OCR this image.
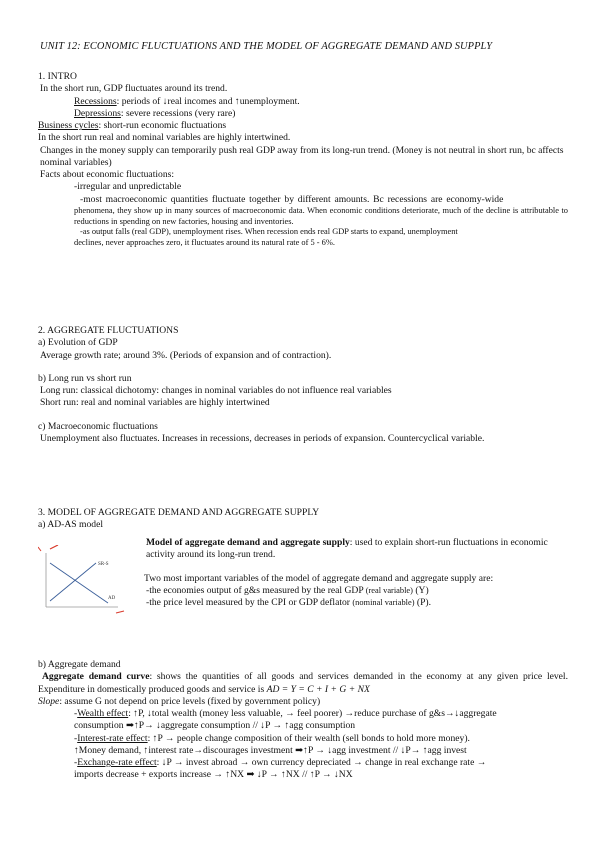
UNIT 12: ECONOMIC FLUCTUATIONS AND THE MODEL OF AGGREGATE DEMAND AND SUPPLY

1. INTRO

In the short run, GDP fluctuates around its trend.

Recessions: periods of ↓real incomes and ↑unemployment.

Depressions: severe recessions (very rare)

Business cycles: short-run economic fluctuations

In the short run real and nominal variables are highly intertwined.

Changes in the money supply can temporarily push real GDP away from its long-run trend. (Money is not neutral in short run, bc affects nominal variables)

Facts about economic fluctuations:

-irregular and unpredictable

-most macroeconomic quantities fluctuate together by different amounts. Bc recessions are economy-wide

phenomena, they show up in many sources of macroeconomic data. When economic conditions deteriorate, much of the decline is attributable to reductions in spending on new factories, housing and inventories.

-as output falls (real GDP), unemployment rises. When recession ends real GDP starts to expand, unemployment

declines, never approaches zero, it fluctuates around its natural rate of 5 - 6%.

2. AGGREGATE FLUCTUATIONS

a) Evolution of GDP

Average growth rate; around 3%. (Periods of expansion and of contraction).

b) Long run vs short run

Long run: classical dichotomy: changes in nominal variables do not influence real variables

Short run: real and nominal variables are highly intertwined

c) Macroeconomic fluctuations

Unemployment also fluctuates. Increases in recessions, decreases in periods of expansion. Countercyclical variable.

3. MODEL OF AGGREGATE DEMAND AND AGGREGATE SUPPLY

a) AD-AS model

SR-S
AD

Model of aggregate demand and aggregate supply: used to explain short-run fluctuations in economic activity around its long-run trend.

Two most important variables of the model of aggregate demand and aggregate supply are:

-the economies output of g&s measured by the real GDP (real variable) (Y)

-the price level measured by the CPI or GDP deflator (nominal variable) (P).

b) Aggregate demand

Aggregate demand curve: shows the quantities of all goods and services demanded in the economy at any given price level. Expenditure in domestically produced goods and service is AD = Y = C + I + G + NX

Slope: assume G not depend on price levels (fixed by government policy)

-Wealth effect: ↑P, ↓total wealth (money less valuable, → feel poorer) →reduce purchase of g&s→↓aggregate

consumption ➡↑P→ ↓aggregate consumption // ↓P → ↑agg consumption

-Interest-rate effect: ↑P → people change composition of their wealth (sell bonds to hold more money).

↑Money demand, ↑interest rate→discourages investment ➡↑P → ↓agg investment // ↓P→ ↑agg invest

-Exchange-rate effect: ↓P → invest abroad → own currency depreciated → change in real exchange rate →

imports decrease + exports increase → ↑NX ➡ ↓P → ↑NX // ↑P → ↓NX
